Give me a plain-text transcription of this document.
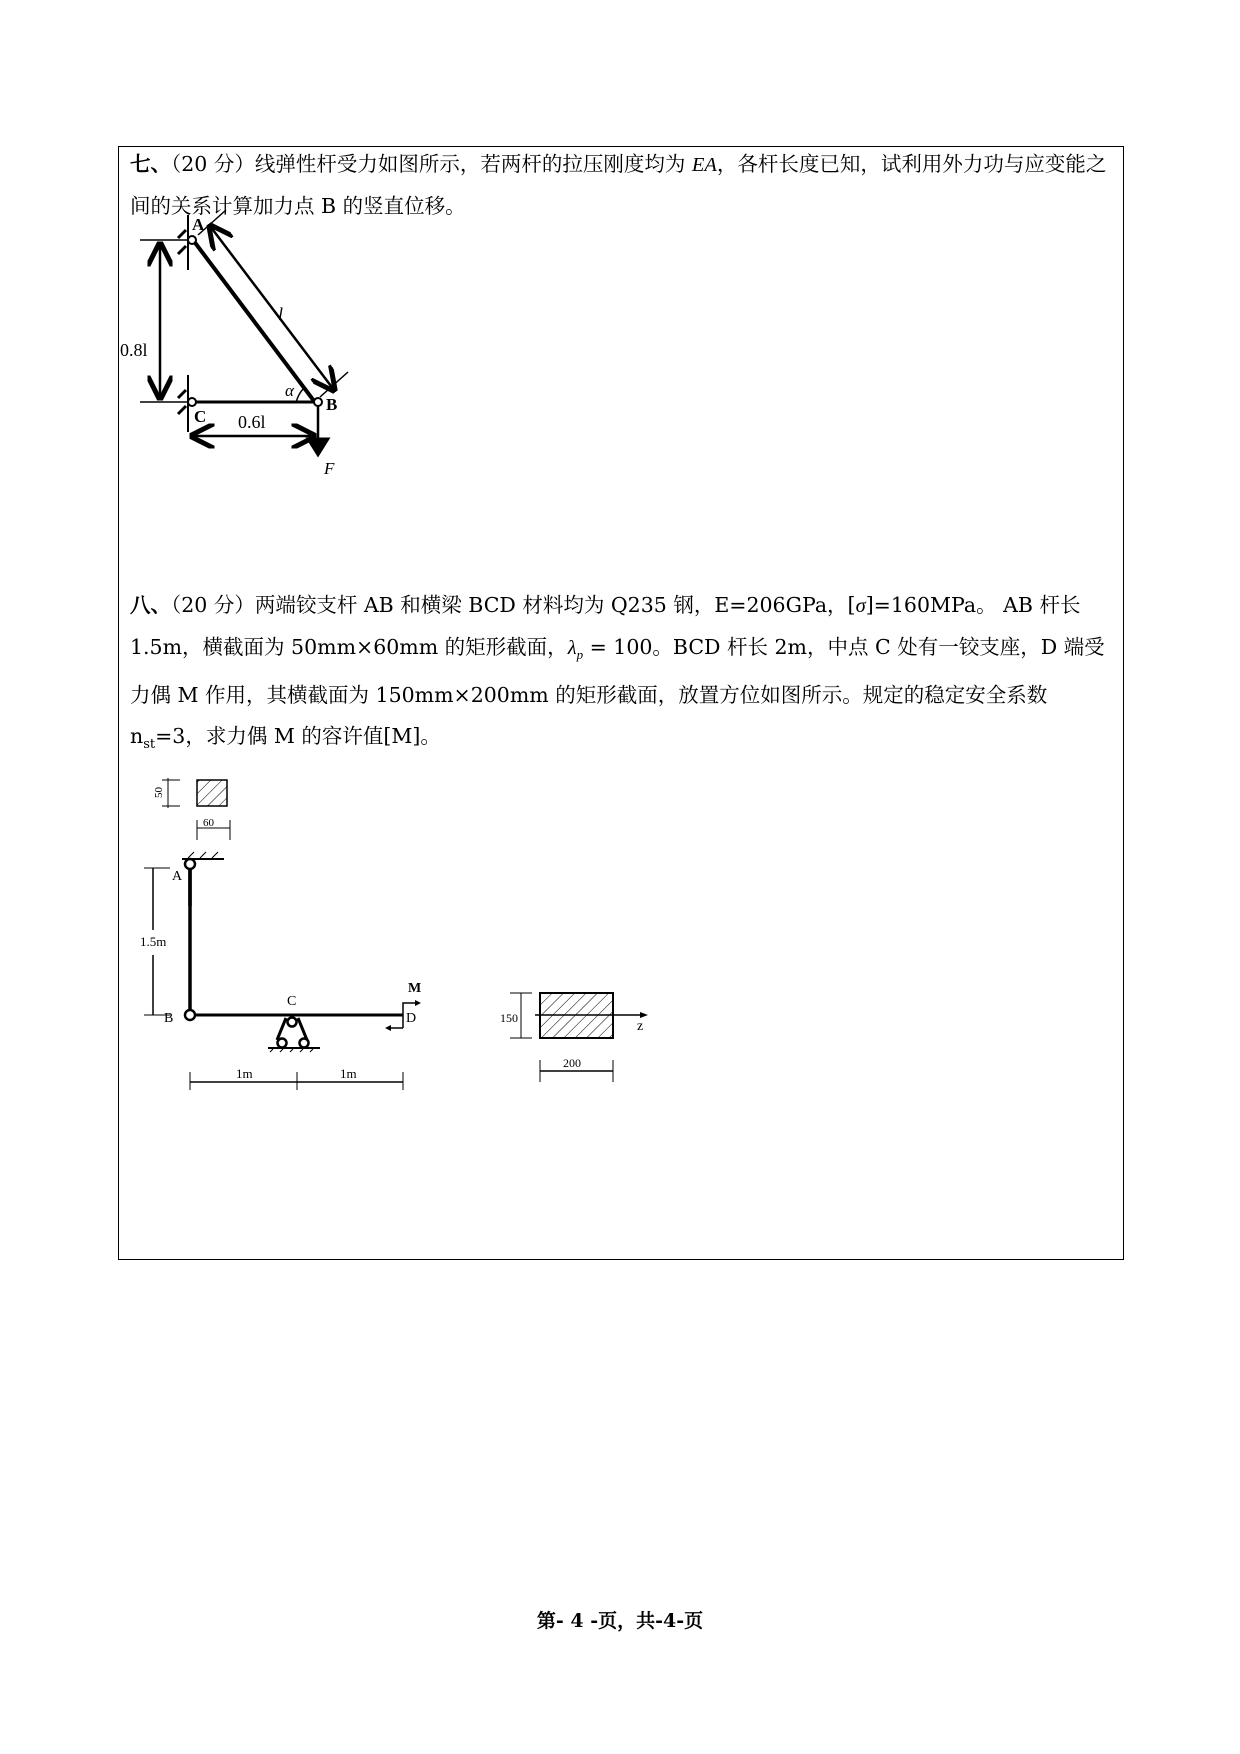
七、（20 分）线弹性杆受力如图所示，若两杆的拉压刚度均为 EA，各杆长度已知，试利用外力功与应变能之间的关系计算加力点 B 的竖直位移。
A
B
C
l
0.8l
0.6l
α
F
八、（20 分）两端铰支杆 AB 和横梁 BCD 材料均为 Q235 钢，E=206GPa，[σ]=160MPa。 AB 杆长 1.5m，横截面为 50mm×60mm 的矩形截面，$\lambda_p = 100$。BCD 杆长 2m，中点 C 处有一铰支座，D 端受力偶 M 作用，其横截面为 150mm×200mm 的矩形截面，放置方位如图所示。规定的稳定安全系数 $n_{st}=3$，求力偶 M 的容许值[M]。
50
60
A
B
C
D
M
1.5m
1m	1m
150
200
z
第- 4 -页，共-4-页
